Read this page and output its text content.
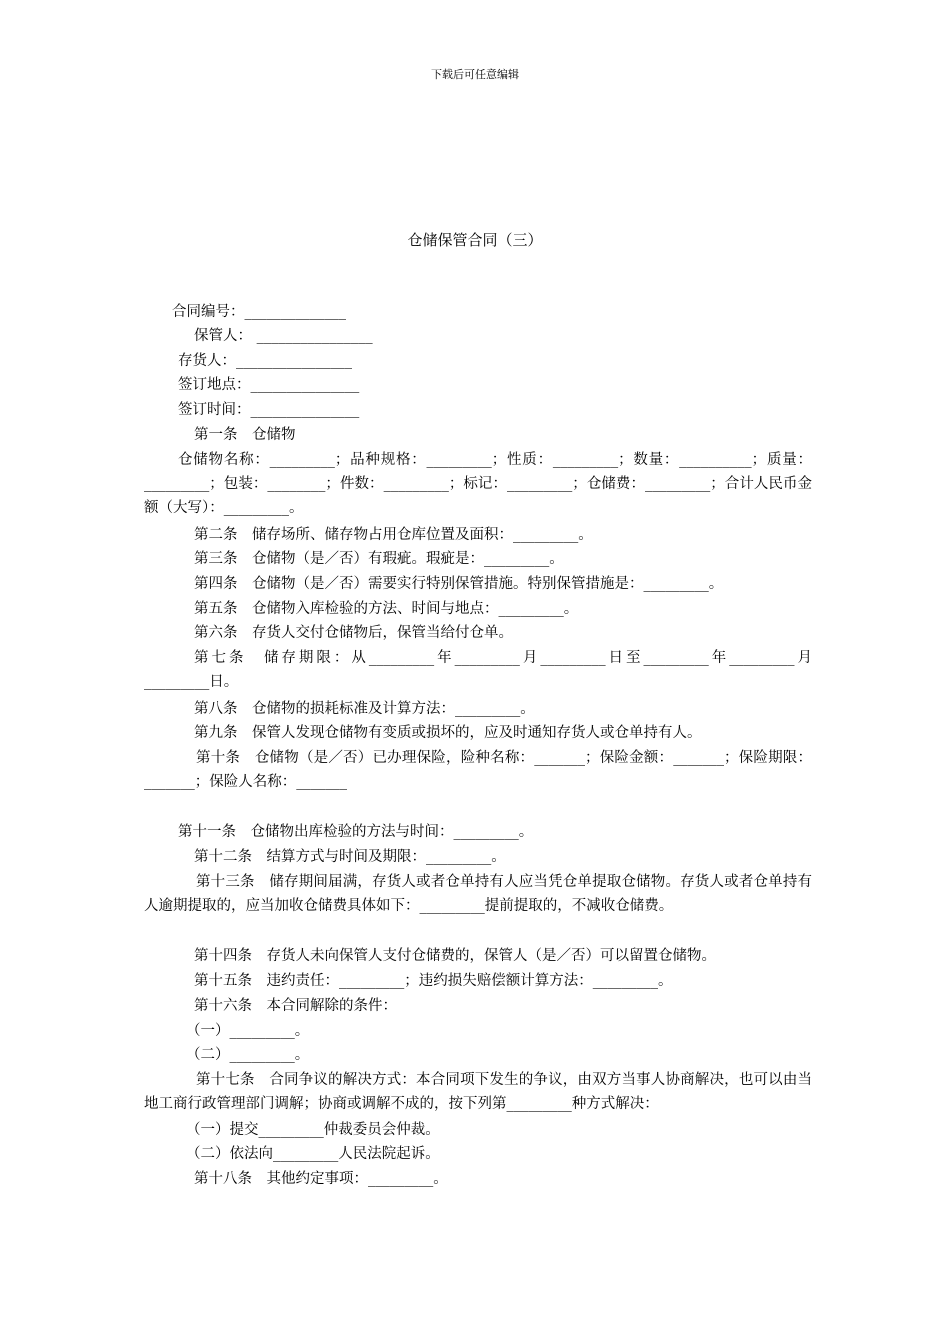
下载后可任意编辑
仓储保管合同（三）
合同编号：______________
保管人： ________________
存货人：________________
签订地点：_______________
签订时间：_______________
第一条　仓储物
仓储物名称：_________；品种规格：_________；性质：_________；数量：__________；质量：_________；包装：________；件数：_________；标记：_________；仓储费：_________；合计人民币金额（大写）：_________。
第二条　储存场所、储存物占用仓库位置及面积：_________。
第三条　仓储物（是／否）有瑕疵。瑕疵是：_________。
第四条　仓储物（是／否）需要实行特别保管措施。特别保管措施是：_________。
第五条　仓储物入库检验的方法、时间与地点：_________。
第六条　存货人交付仓储物后，保管当给付仓单。
第七条　储存期限：从_________年_________月_________日至_________年_________月_________日。
第八条　仓储物的损耗标准及计算方法：_________。
第九条　保管人发现仓储物有变质或损坏的，应及时通知存货人或仓单持有人。
第十条　仓储物（是／否）已办理保险，险种名称：_______；保险金额：_______；保险期限：_______；保险人名称：_______
第十一条　仓储物出库检验的方法与时间：_________。
第十二条　结算方式与时间及期限：_________。
第十三条　储存期间届满，存货人或者仓单持有人应当凭仓单提取仓储物。存货人或者仓单持有人逾期提取的，应当加收仓储费具体如下：_________提前提取的，不减收仓储费。
第十四条　存货人未向保管人支付仓储费的，保管人（是／否）可以留置仓储物。
第十五条　违约责任：_________；违约损失赔偿额计算方法：_________。
第十六条　本合同解除的条件：
（一）_________。
（二）_________。
第十七条　合同争议的解决方式：本合同项下发生的争议，由双方当事人协商解决，也可以由当地工商行政管理部门调解；协商或调解不成的，按下列第_________种方式解决：
（一）提交_________仲裁委员会仲裁。
（二）依法向_________人民法院起诉。
第十八条　其他约定事项：_________。
